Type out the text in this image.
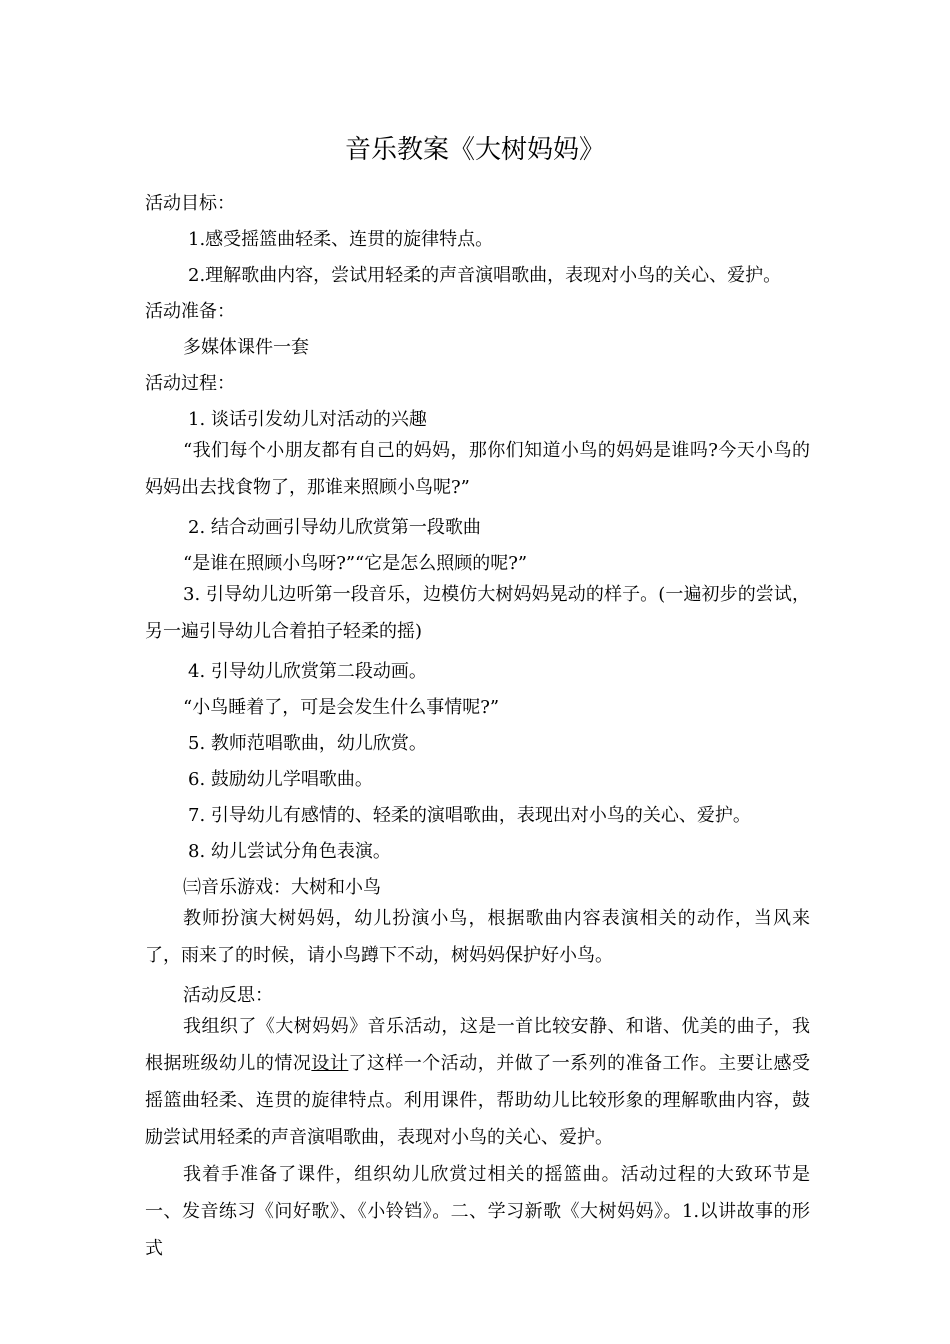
音乐教案《大树妈妈》

活动目标：

1.感受摇篮曲轻柔、连贯的旋律特点。

2.理解歌曲内容，尝试用轻柔的声音演唱歌曲，表现对小鸟的关心、爱护。

活动准备：

多媒体课件一套

活动过程：

1. 谈话引发幼儿对活动的兴趣

“我们每个小朋友都有自己的妈妈，那你们知道小鸟的妈妈是谁吗?今天小鸟的妈妈出去找食物了，那谁来照顾小鸟呢?”

2. 结合动画引导幼儿欣赏第一段歌曲

“是谁在照顾小鸟呀?”“它是怎么照顾的呢?”

3. 引导幼儿边听第一段音乐，边模仿大树妈妈晃动的样子。(一遍初步的尝试，另一遍引导幼儿合着拍子轻柔的摇)

4. 引导幼儿欣赏第二段动画。

“小鸟睡着了，可是会发生什么事情呢?”

5. 教师范唱歌曲，幼儿欣赏。

6. 鼓励幼儿学唱歌曲。

7. 引导幼儿有感情的、轻柔的演唱歌曲，表现出对小鸟的关心、爱护。

8. 幼儿尝试分角色表演。

㈢音乐游戏：大树和小鸟

教师扮演大树妈妈，幼儿扮演小鸟，根据歌曲内容表演相关的动作，当风来了，雨来了的时候，请小鸟蹲下不动，树妈妈保护好小鸟。

活动反思：

我组织了《大树妈妈》音乐活动，这是一首比较安静、和谐、优美的曲子，我根据班级幼儿的情况设计了这样一个活动，并做了一系列的准备工作。主要让感受摇篮曲轻柔、连贯的旋律特点。利用课件，帮助幼儿比较形象的理解歌曲内容，鼓励尝试用轻柔的声音演唱歌曲，表现对小鸟的关心、爱护。

我着手准备了课件，组织幼儿欣赏过相关的摇篮曲。活动过程的大致环节是一、发音练习《问好歌》、《小铃铛》。二、学习新歌《大树妈妈》。1.以讲故事的形式
